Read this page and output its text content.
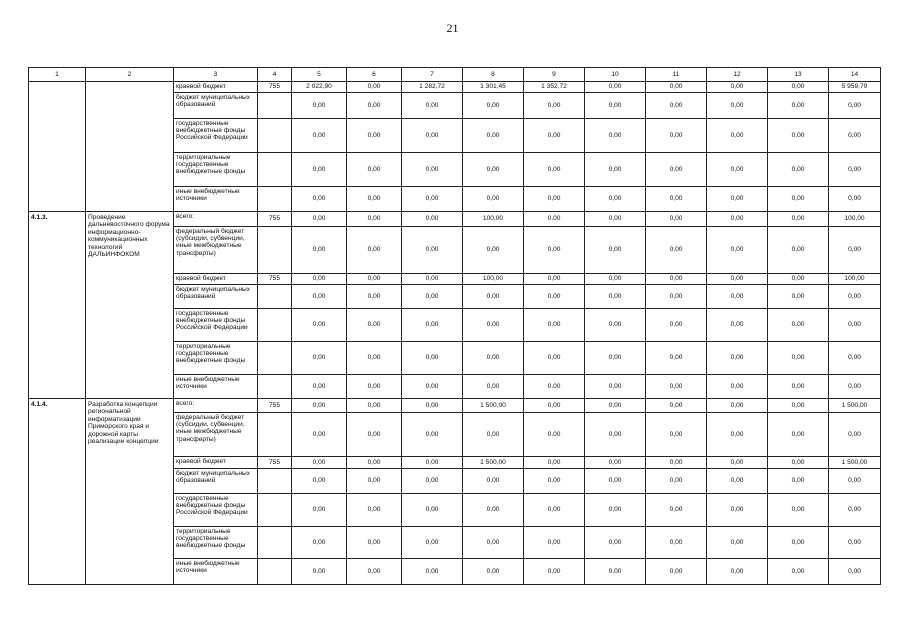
21
1	2	3	4	5	6	7	8	9	10	11	12	13	14
		краевой бюджет	755	2 022,90	0,00	1 282,72	1 301,45	1 352,72	0,00	0,00	0,00	0,00	5 959,79
		бюджет муниципальных образований		0,00	0,00	0,00	0,00	0,00	0,00	0,00	0,00	0,00	0,00
		государственные внебюджетные фонды Российской Федерации		0,00	0,00	0,00	0,00	0,00	0,00	0,00	0,00	0,00	0,00
		территориальные государственные внебюджетные фонды		0,00	0,00	0,00	0,00	0,00	0,00	0,00	0,00	0,00	0,00
		иные внебюджетные источники		0,00	0,00	0,00	0,00	0,00	0,00	0,00	0,00	0,00	0,00
4.1.3.	Проведение дальневосточного форума информационно-коммуникационных технологий ДАЛЬИНФОКОМ	всего:	755	0,00	0,00	0,00	100,00	0,00	0,00	0,00	0,00	0,00	100,00
		федеральный бюджет (субсидии, субвенции, иные межбюджетные трансферты)		0,00	0,00	0,00	0,00	0,00	0,00	0,00	0,00	0,00	0,00
		краевой бюджет	755	0,00	0,00	0,00	100,00	0,00	0,00	0,00	0,00	0,00	100,00
		бюджет муниципальных образований		0,00	0,00	0,00	0,00	0,00	0,00	0,00	0,00	0,00	0,00
		государственные внебюджетные фонды Российской Федерации		0,00	0,00	0,00	0,00	0,00	0,00	0,00	0,00	0,00	0,00
		территориальные государственные внебюджетные фонды		0,00	0,00	0,00	0,00	0,00	0,00	0,00	0,00	0,00	0,00
		иные внебюджетные источники		0,00	0,00	0,00	0,00	0,00	0,00	0,00	0,00	0,00	0,00
4.1.4.	Разработка концепции региональной информатизации Приморского края и дорожной карты реализации концепции	всего:	755	0,00	0,00	0,00	1 500,00	0,00	0,00	0,00	0,00	0,00	1 500,00
		федеральный бюджет (субсидии, субвенции, иные межбюджетные трансферты)		0,00	0,00	0,00	0,00	0,00	0,00	0,00	0,00	0,00	0,00
		краевой бюджет	755	0,00	0,00	0,00	1 500,00	0,00	0,00	0,00	0,00	0,00	1 500,00
		бюджет муниципальных образований		0,00	0,00	0,00	0,00	0,00	0,00	0,00	0,00	0,00	0,00
		государственные внебюджетные фонды Российской Федерации		0,00	0,00	0,00	0,00	0,00	0,00	0,00	0,00	0,00	0,00
		территориальные государственные внебюджетные фонды		0,00	0,00	0,00	0,00	0,00	0,00	0,00	0,00	0,00	0,00
		иные внебюджетные источники		0,00	0,00	0,00	0,00	0,00	0,00	0,00	0,00	0,00	0,00
